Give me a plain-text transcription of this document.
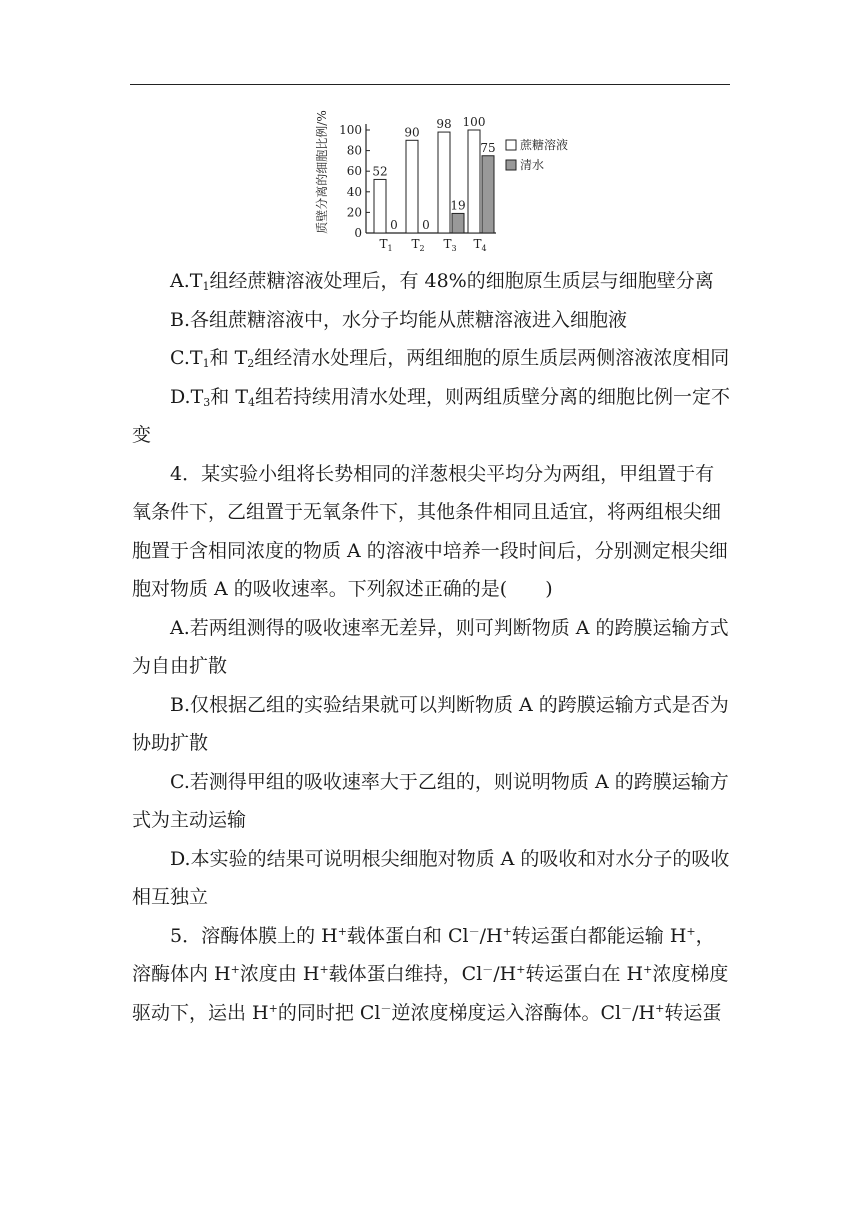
质壁分离的细胞比例/% 0
20
40
60
80
100
52
0
90
0
98
19
100
75
$T_1$ $T_2$ $T_3$ $T_4$
蔗糖溶液
清水

$A.T_1$组经蔗糖溶液处理后，有 48%的细胞原生质层与细胞壁分离

B.各组蔗糖溶液中，水分子均能从蔗糖溶液进入细胞液

$C.T_1$和 $T_2$组经清水处理后，两组细胞的原生质层两侧溶液浓度相同

$D.T_3$和 $T_4$组若持续用清水处理，则两组质壁分离的细胞比例一定不变

4．某实验小组将长势相同的洋葱根尖平均分为两组，甲组置于有氧条件下，乙组置于无氧条件下，其他条件相同且适宜，将两组根尖细胞置于含相同浓度的物质 A 的溶液中培养一段时间后，分别测定根尖细胞对物质 A 的吸收速率。下列叙述正确的是(　　)

A.若两组测得的吸收速率无差异，则可判断物质 A 的跨膜运输方式为自由扩散

B.仅根据乙组的实验结果就可以判断物质 A 的跨膜运输方式是否为协助扩散

C.若测得甲组的吸收速率大于乙组的，则说明物质 A 的跨膜运输方式为主动运输

D.本实验的结果可说明根尖细胞对物质 A 的吸收和对水分子的吸收相互独立

5．溶酶体膜上的 H+载体蛋白和 Cl－/H+转运蛋白都能运输 H+，溶酶体内 H+浓度由 H+载体蛋白维持，Cl－/H+转运蛋白在 H+浓度梯度驱动下，运出 H+的同时把 Cl－逆浓度梯度运入溶酶体。Cl－/H+转运蛋
